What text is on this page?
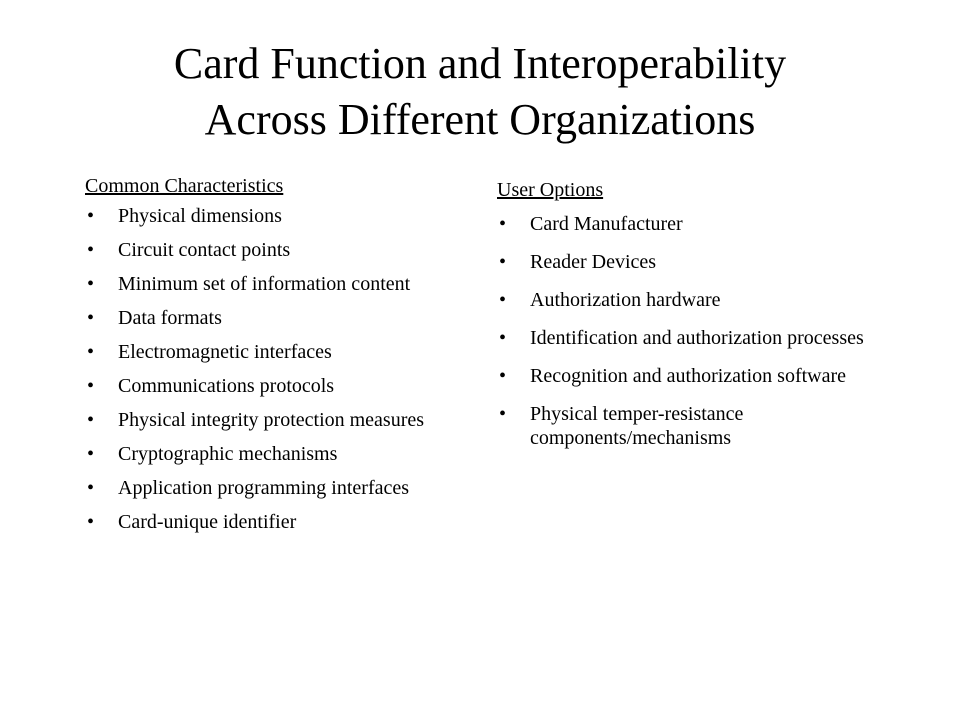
Card Function and Interoperability
Across Different Organizations
Common Characteristics
• Physical dimensions
• Circuit contact points
• Minimum set of information content
• Data formats
• Electromagnetic interfaces
• Communications protocols
• Physical integrity protection measures
• Cryptographic mechanisms
• Application programming interfaces
• Card-unique identifier
User Options
• Card Manufacturer
• Reader Devices
• Authorization hardware
• Identification and authorization processes
• Recognition and authorization software
• Physical temper-resistance components/mechanisms
